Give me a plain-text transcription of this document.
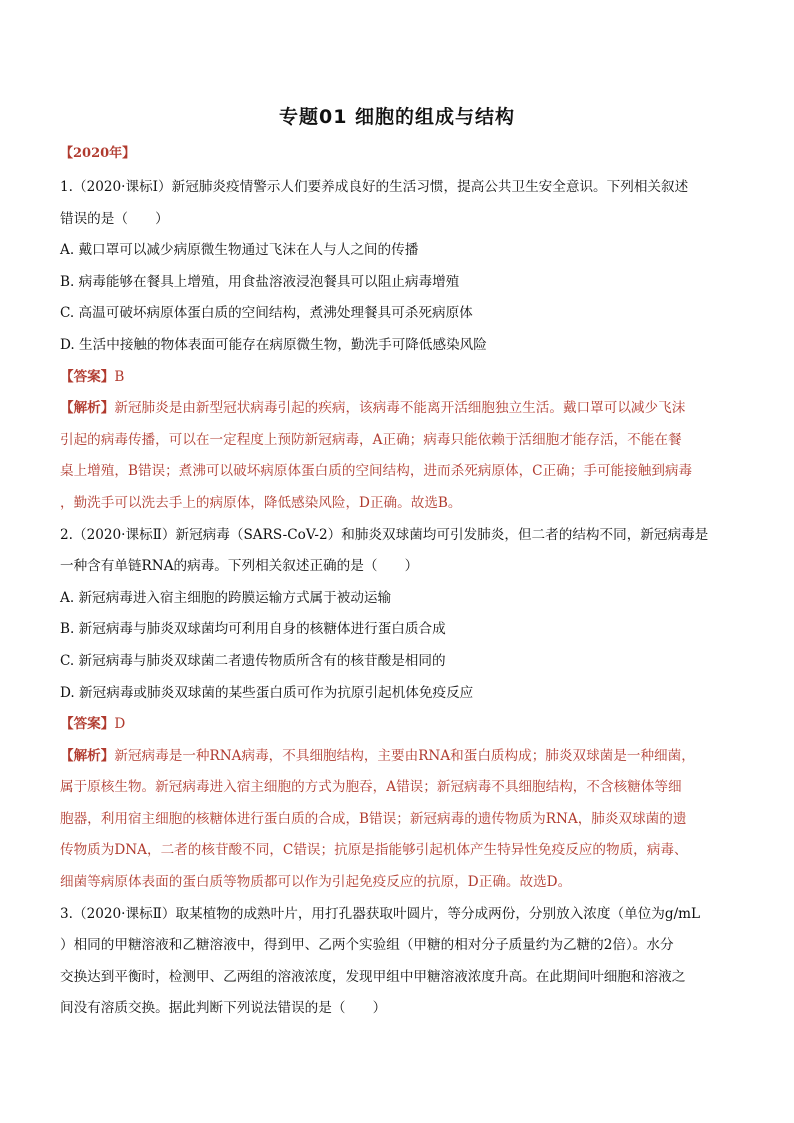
专题01 细胞的组成与结构
【2020年】

1.（2020·课标Ⅰ）新冠肺炎疫情警示人们要养成良好的生活习惯，提高公共卫生安全意识。下列相关叙述

错误的是（　　）

A. 戴口罩可以减少病原微生物通过飞沫在人与人之间的传播

B. 病毒能够在餐具上增殖，用食盐溶液浸泡餐具可以阻止病毒增殖

C. 高温可破坏病原体蛋白质的空间结构，煮沸处理餐具可杀死病原体

D. 生活中接触的物体表面可能存在病原微生物，勤洗手可降低感染风险

【答案】B

【解析】新冠肺炎是由新型冠状病毒引起的疾病，该病毒不能离开活细胞独立生活。戴口罩可以减少飞沫

引起的病毒传播，可以在一定程度上预防新冠病毒，A正确；病毒只能依赖于活细胞才能存活，不能在餐

桌上增殖，B错误；煮沸可以破坏病原体蛋白质的空间结构，进而杀死病原体，C正确；手可能接触到病毒

，勤洗手可以洗去手上的病原体，降低感染风险，D正确。故选B。

2.（2020·课标Ⅱ）新冠病毒（SARS-CoV-2）和肺炎双球菌均可引发肺炎，但二者的结构不同，新冠病毒是

一种含有单链RNA的病毒。下列相关叙述正确的是（　　）

A. 新冠病毒进入宿主细胞的跨膜运输方式属于被动运输

B. 新冠病毒与肺炎双球菌均可利用自身的核糖体进行蛋白质合成

C. 新冠病毒与肺炎双球菌二者遗传物质所含有的核苷酸是相同的

D. 新冠病毒或肺炎双球菌的某些蛋白质可作为抗原引起机体免疫反应

【答案】D

【解析】新冠病毒是一种RNA病毒，不具细胞结构，主要由RNA和蛋白质构成；肺炎双球菌是一种细菌，

属于原核生物。新冠病毒进入宿主细胞的方式为胞吞，A错误；新冠病毒不具细胞结构，不含核糖体等细

胞器，利用宿主细胞的核糖体进行蛋白质的合成，B错误；新冠病毒的遗传物质为RNA，肺炎双球菌的遗

传物质为DNA，二者的核苷酸不同，C错误；抗原是指能够引起机体产生特异性免疫反应的物质，病毒、

细菌等病原体表面的蛋白质等物质都可以作为引起免疫反应的抗原，D正确。故选D。

3.（2020·课标Ⅱ）取某植物的成熟叶片，用打孔器获取叶圆片，等分成两份，分别放入浓度（单位为g/mL

）相同的甲糖溶液和乙糖溶液中，得到甲、乙两个实验组（甲糖的相对分子质量约为乙糖的2倍）。水分

交换达到平衡时，检测甲、乙两组的溶液浓度，发现甲组中甲糖溶液浓度升高。在此期间叶细胞和溶液之

间没有溶质交换。据此判断下列说法错误的是（　　）
